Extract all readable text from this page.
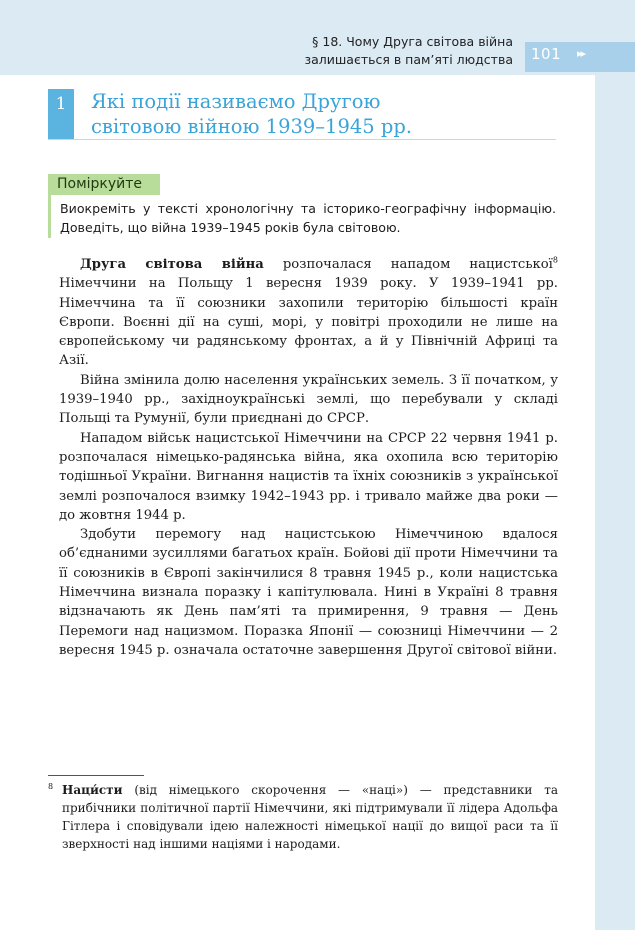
101 ▸▸
§ 18. Чому Друга світова війна
залишається в пам’яті людства
1	Які події називаємо Другою
світовою війною 1939–1945 рр.
Поміркуйте
Виокреміть у тексті хронологічну та історико-географічну інформацію. Доведіть, що війна 1939–1945 років була світовою.

Друга світова війна розпочалася нападом нацистської$^8$ Німеччини на Польщу 1 вересня 1939 року. У 1939–1941 рр. Німеччина та її союзники захопили територію більшості країн Європи. Воєнні дії на суші, морі, у повітрі проходили не лише на європейському чи радянському фронтах, а й у Північній Африці та Азії.

Війна змінила долю населення українських земель. З її початком, у 1939–1940 рр., західноукраїнські землі, що перебували у складі Польщі та Румунії, були приєднані до СРСР.

Нападом військ нацистської Німеччини на СРСР 22 червня 1941 р. розпочалася німецько-радянська війна, яка охопила всю територію тодішньої України. Вигнання нацистів та їхніх союзників з української землі розпочалося взимку 1942–1943 рр. і тривало майже два роки — до жовтня 1944 р.

Здобути перемогу над нацистською Німеччиною вдалося об’єднаними зусиллями багатьох країн. Бойові дії проти Німеччини та її союзників в Європі закінчилися 8 травня 1945 р., коли нацистська Німеччина визнала поразку і капітулювала. Нині в Україні 8 травня відзначають як День пам’яті та примирення, 9 травня — День Перемоги над нацизмом. Поразка Японії — союзниці Німеччини — 2 вересня 1945 р. означала остаточне завершення Другої світової війни.

8 Наци́сти (від німецького скорочення — «нацi») — представники та прибічники політичної партії Німеччини, які підтримували її лідера Адольфа Гітлера і сповідували ідею належності німецької нації до вищої раси та її зверхності над іншими націями і народами.
